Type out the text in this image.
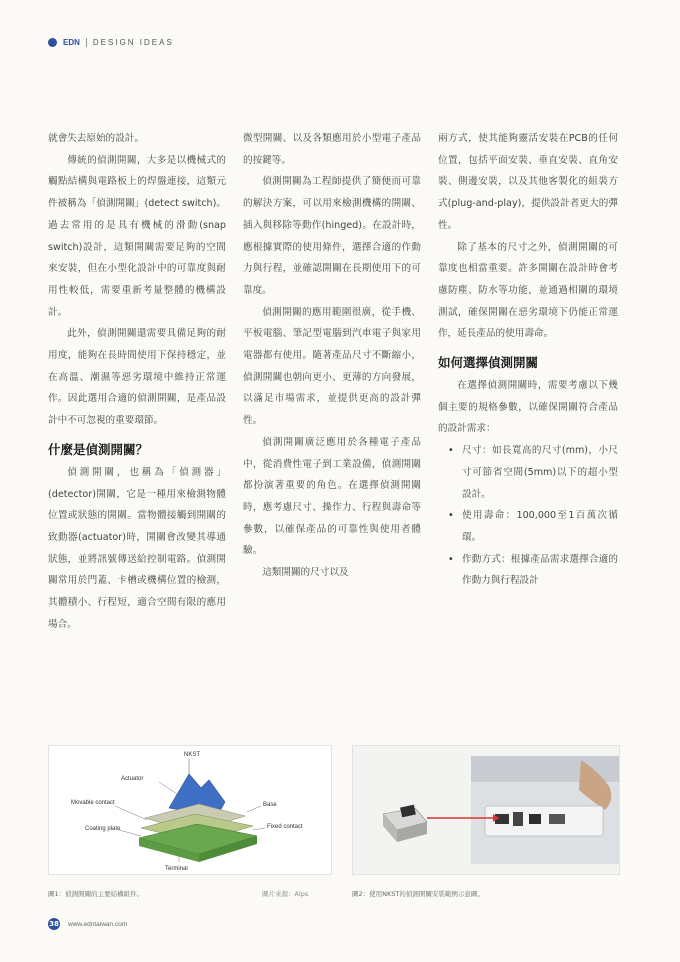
EDN DESIGN IDEAS

就會失去原始的設計。

傳統的偵測開關，大多是以機械式的觸點結構與電路板上的焊盤連接，這類元件被稱為「偵測開關」(detect switch)。過去常用的是具有機械的滑動(snap switch)設計，這類開關需要足夠的空間來安裝，但在小型化設計中的可靠度與耐用性較低，需要重新考量整體的機構設計。

此外，偵測開關還需要具備足夠的耐用度，能夠在長時間使用下保持穩定，並在高溫、潮濕等惡劣環境中維持正常運作。因此選用合適的偵測開關，是產品設計中不可忽視的重要環節。

什麼是偵測開關？

偵測開關，也稱為「偵測器」(detector)開關，它是一種用來檢測物體位置或狀態的開關。當物體接觸到開關的致動器(actuator)時，開關會改變其導通狀態，並將訊號傳送給控制電路。偵測開關常用於門蓋、卡槽或機構位置的檢測，其體積小、行程短，適合空間有限的應用場合。

微型開關、以及各類應用於小型電子產品的按鍵等。

偵測開關為工程師提供了簡便而可靠的解決方案，可以用來檢測機構的開關、插入與移除等動作(hinged)。在設計時，應根據實際的使用條件，選擇合適的作動力與行程，並確認開關在長期使用下的可靠度。

偵測開關的應用範圍很廣，從手機、平板電腦、筆記型電腦到汽車電子與家用電器都有使用。隨著產品尺寸不斷縮小，偵測開關也朝向更小、更薄的方向發展，以滿足市場需求，並提供更高的設計彈性。

偵測開關廣泛應用於各種電子產品中，從消費性電子到工業設備，偵測開關都扮演著重要的角色。在選擇偵測開關時，應考慮尺寸、操作力、行程與壽命等參數，以確保產品的可靠性與使用者體驗。

這類開關的尺寸以及

兩方式，使其能夠靈活安裝在PCB的任何位置，包括平面安裝、垂直安裝、直角安裝、側邊安裝，以及其他客製化的組裝方式(plug-and-play)，提供設計者更大的彈性。

除了基本的尺寸之外，偵測開關的可靠度也相當重要。許多開關在設計時會考慮防塵、防水等功能，並通過相關的環境測試，確保開關在惡劣環境下仍能正常運作，延長產品的使用壽命。

如何選擇偵測開關

在選擇偵測開關時，需要考慮以下幾個主要的規格參數，以確保開關符合產品的設計需求：

• 尺寸：如長寬高的尺寸(mm)，小尺寸可節省空間(5mm)以下的超小型設計。
• 使用壽命：100,000至1百萬次循環。
• 作動方式：根據產品需求選擇合適的作動力與行程設計
NKST
Actuator
Movable contact
Coating plate
Base
Fixed contact
Terminal
圖1：偵測開關的主要結構組件。	圖片來源：Alps	圖2：使用NKST的偵測開關安裝範例示意圖。
38 www.edntaiwan.com
